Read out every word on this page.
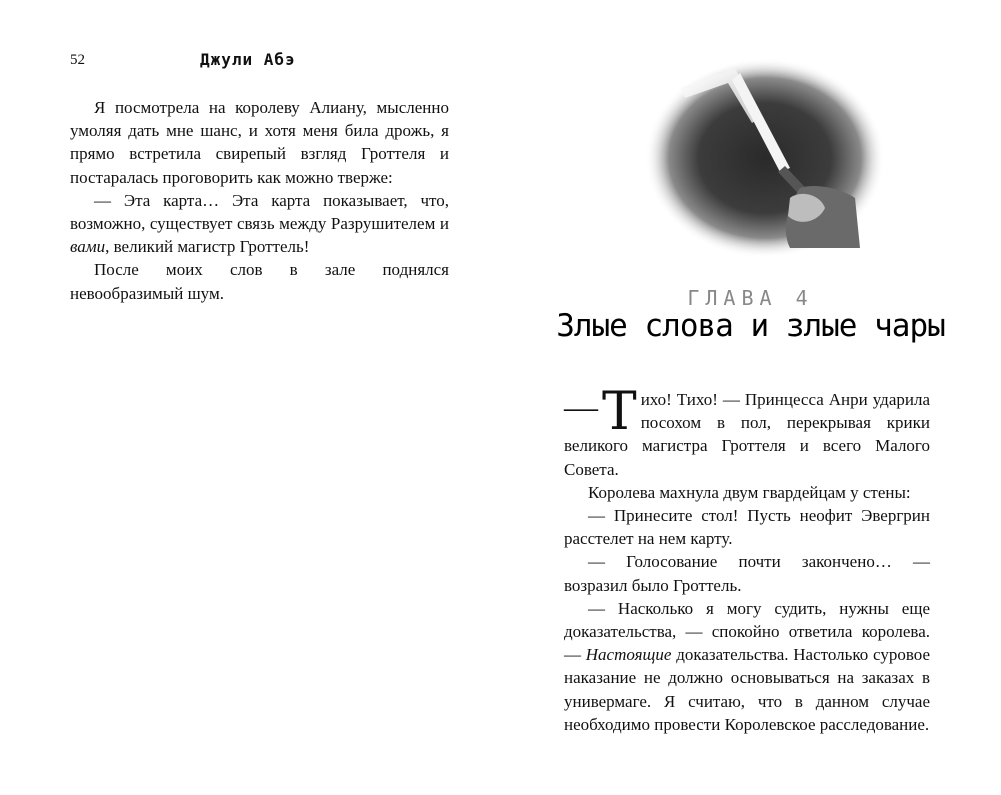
52	Джули Абэ

Я посмотрела на королеву Алиану, мысленно умоляя дать мне шанс, и хотя меня била дрожь, я прямо встретила свирепый взгляд Гроттеля и постаралась проговорить как можно тверже:

— Эта карта… Эта карта показывает, что, возможно, существует связь между Разрушителем и вами, великий магистр Гроттель!

После моих слов в зале поднялся невообразимый шум.	ГЛАВА 4
Злые слова и злые чары

— Т ихо! Тихо! — Принцесса Анри ударила посохом в пол, перекрывая крики великого магистра Гроттеля и всего Малого Совета.

Королева махнула двум гвардейцам у стены:

— Принесите стол! Пусть неофит Эвергрин расстелет на нем карту.

— Голосование почти закончено… — возразил было Гроттель.

— Насколько я могу судить, нужны еще доказательства, — спокойно ответила королева. — Настоящие доказательства. Настолько суровое наказание не должно основываться на заказах в универмаге. Я считаю, что в данном случае необходимо провести Королевское расследование.
